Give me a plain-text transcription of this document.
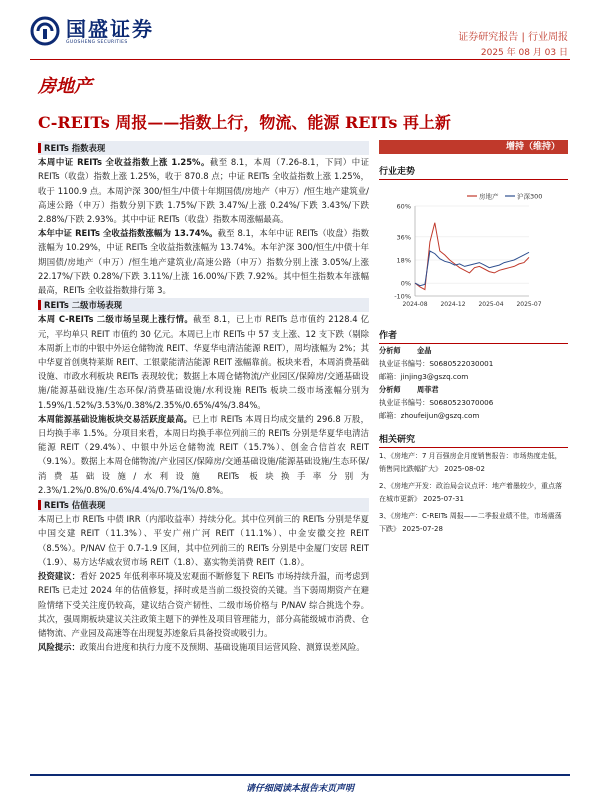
国盛证券
GUOSHENG SECURITIES	证券研究报告 | 行业周报
2025 年 08 月 03 日
房地产
C-REITs 周报——指数上行，物流、能源 REITs 再上新
REITs 指数表现

本周中证 REITs 全收益指数上涨 1.25%。截至 8.1，本周（7.26-8.1，下同）中证 REITs（收盘）指数上涨 1.25%，收于 870.8 点；中证 REITs 全收益指数上涨 1.25%，收于 1100.9 点。本周沪深 300/恒生/中债十年期国债/房地产（申万）/恒生地产建筑业/高速公路（申万）指数分别下跌 1.75%/下跌 3.47%/上涨 0.24%/下跌 3.43%/下跌 2.88%/下跌 2.93%。其中中证 REITs（收盘）指数本周涨幅最高。

本年中证 REITs 全收益指数涨幅为 13.74%。截至 8.1，本年中证 REITs（收盘）指数涨幅为 10.29%，中证 REITs 全收益指数涨幅为 13.74%。本年沪深 300/恒生/中债十年期国债/房地产（申万）/恒生地产建筑业/高速公路（申万）指数分别上涨 3.05%/上涨 22.17%/下跌 0.28%/下跌 3.11%/上涨 16.00%/下跌 7.92%。其中恒生指数本年涨幅最高，REITs 全收益指数排行第 3。

REITs 二级市场表现

本周 C-REITs 二级市场呈现上涨行情。截至 8.1，已上市 REITs 总市值约 2128.4 亿元，平均单只 REIT 市值约 30 亿元。本周已上市 REITs 中 57 支上涨、12 支下跌（剔除本周新上市的中银中外运仓储物流 REIT、华夏华电清洁能源 REIT），周均涨幅为 2%；其中华夏首创奥特莱斯 REIT、工银蒙能清洁能源 REIT 涨幅靠前。板块来看，本周消费基础设施、市政水利板块 REITs 表现较优；数据上本周仓储物流/产业园区/保障房/交通基础设施/能源基础设施/生态环保/消费基础设施/水利设施 REITs 板块二级市场涨幅分别为 1.59%/1.52%/3.53%/0.38%/2.35%/0.65%/4%/3.84%。

本周能源基础设施板块交易活跃度最高。已上市 REITs 本周日均成交量约 296.8 万股，日均换手率 1.5%。分项目来看，本周日均换手率位列前三的 REITs 分别是华夏华电清洁能源 REIT（29.4%）、中银中外运仓储物流 REIT（15.7%）、创金合信首农 REIT（9.1%）。数据上本周仓储物流/产业园区/保障房/交通基础设施/能源基础设施/生态环保/消费基础设施/水利设施 REITs 板块换手率分别为 2.3%/1.2%/0.8%/0.6%/4.4%/0.7%/1%/0.8%。

REITs 估值表现

本周已上市 REITs 中债 IRR（内部收益率）持续分化。其中位列前三的 REITs 分别是华夏中国交建 REIT（11.3%）、平安广州广河 REIT（11.1%）、中金安徽交控 REIT（8.5%）。P/NAV 位于 0.7-1.9 区间，其中位列前三的 REITs 分别是中金厦门安居 REIT（1.9）、易方达华威农贸市场 REIT（1.8）、嘉实物美消费 REIT（1.8）。

投资建议：看好 2025 年低利率环境及宏观面不断修复下 REITs 市场持续升温，而考虑到 REITs 已走过 2024 年的估值修复，择时或是当前二级投资的关键。当下弱周期资产在避险情绪下受关注度仍较高，建议结合资产韧性、二级市场价格与 P/NAV 综合挑选个券。其次，强周期板块建议关注政策主题下的弹性及项目管理能力，部分高能级城市消费、仓储物流、产业园及高速等在出现复苏迹象后具备投资或吸引力。

风险提示：政策出台进度和执行力度不及预期、基础设施项目运营风险、测算误差风险。

增持（维持）
行业走势
60%
36%
18%
0%
-10%
2024-08 2024-12 2025-04 2025-07
房地产	沪深300
作者
分析师 金晶
执业证书编号：S0680522030001
邮箱：jinjing3@gszq.com
分析师 周菲君
执业证书编号：S0680523070006
邮箱：zhoufeijun@gszq.com
相关研究
1、《房地产：7 月百强房企月度销售报告：市场热度走低，销售同比跌幅扩大》 2025-08-02
2、《房地产开发：政治局会议点评：地产着墨较少，重点落在城市更新》 2025-07-31
3、《房地产：C-REITs 周报——二季报业绩不佳，市场震荡下跌》 2025-07-28
请仔细阅读本报告末页声明
